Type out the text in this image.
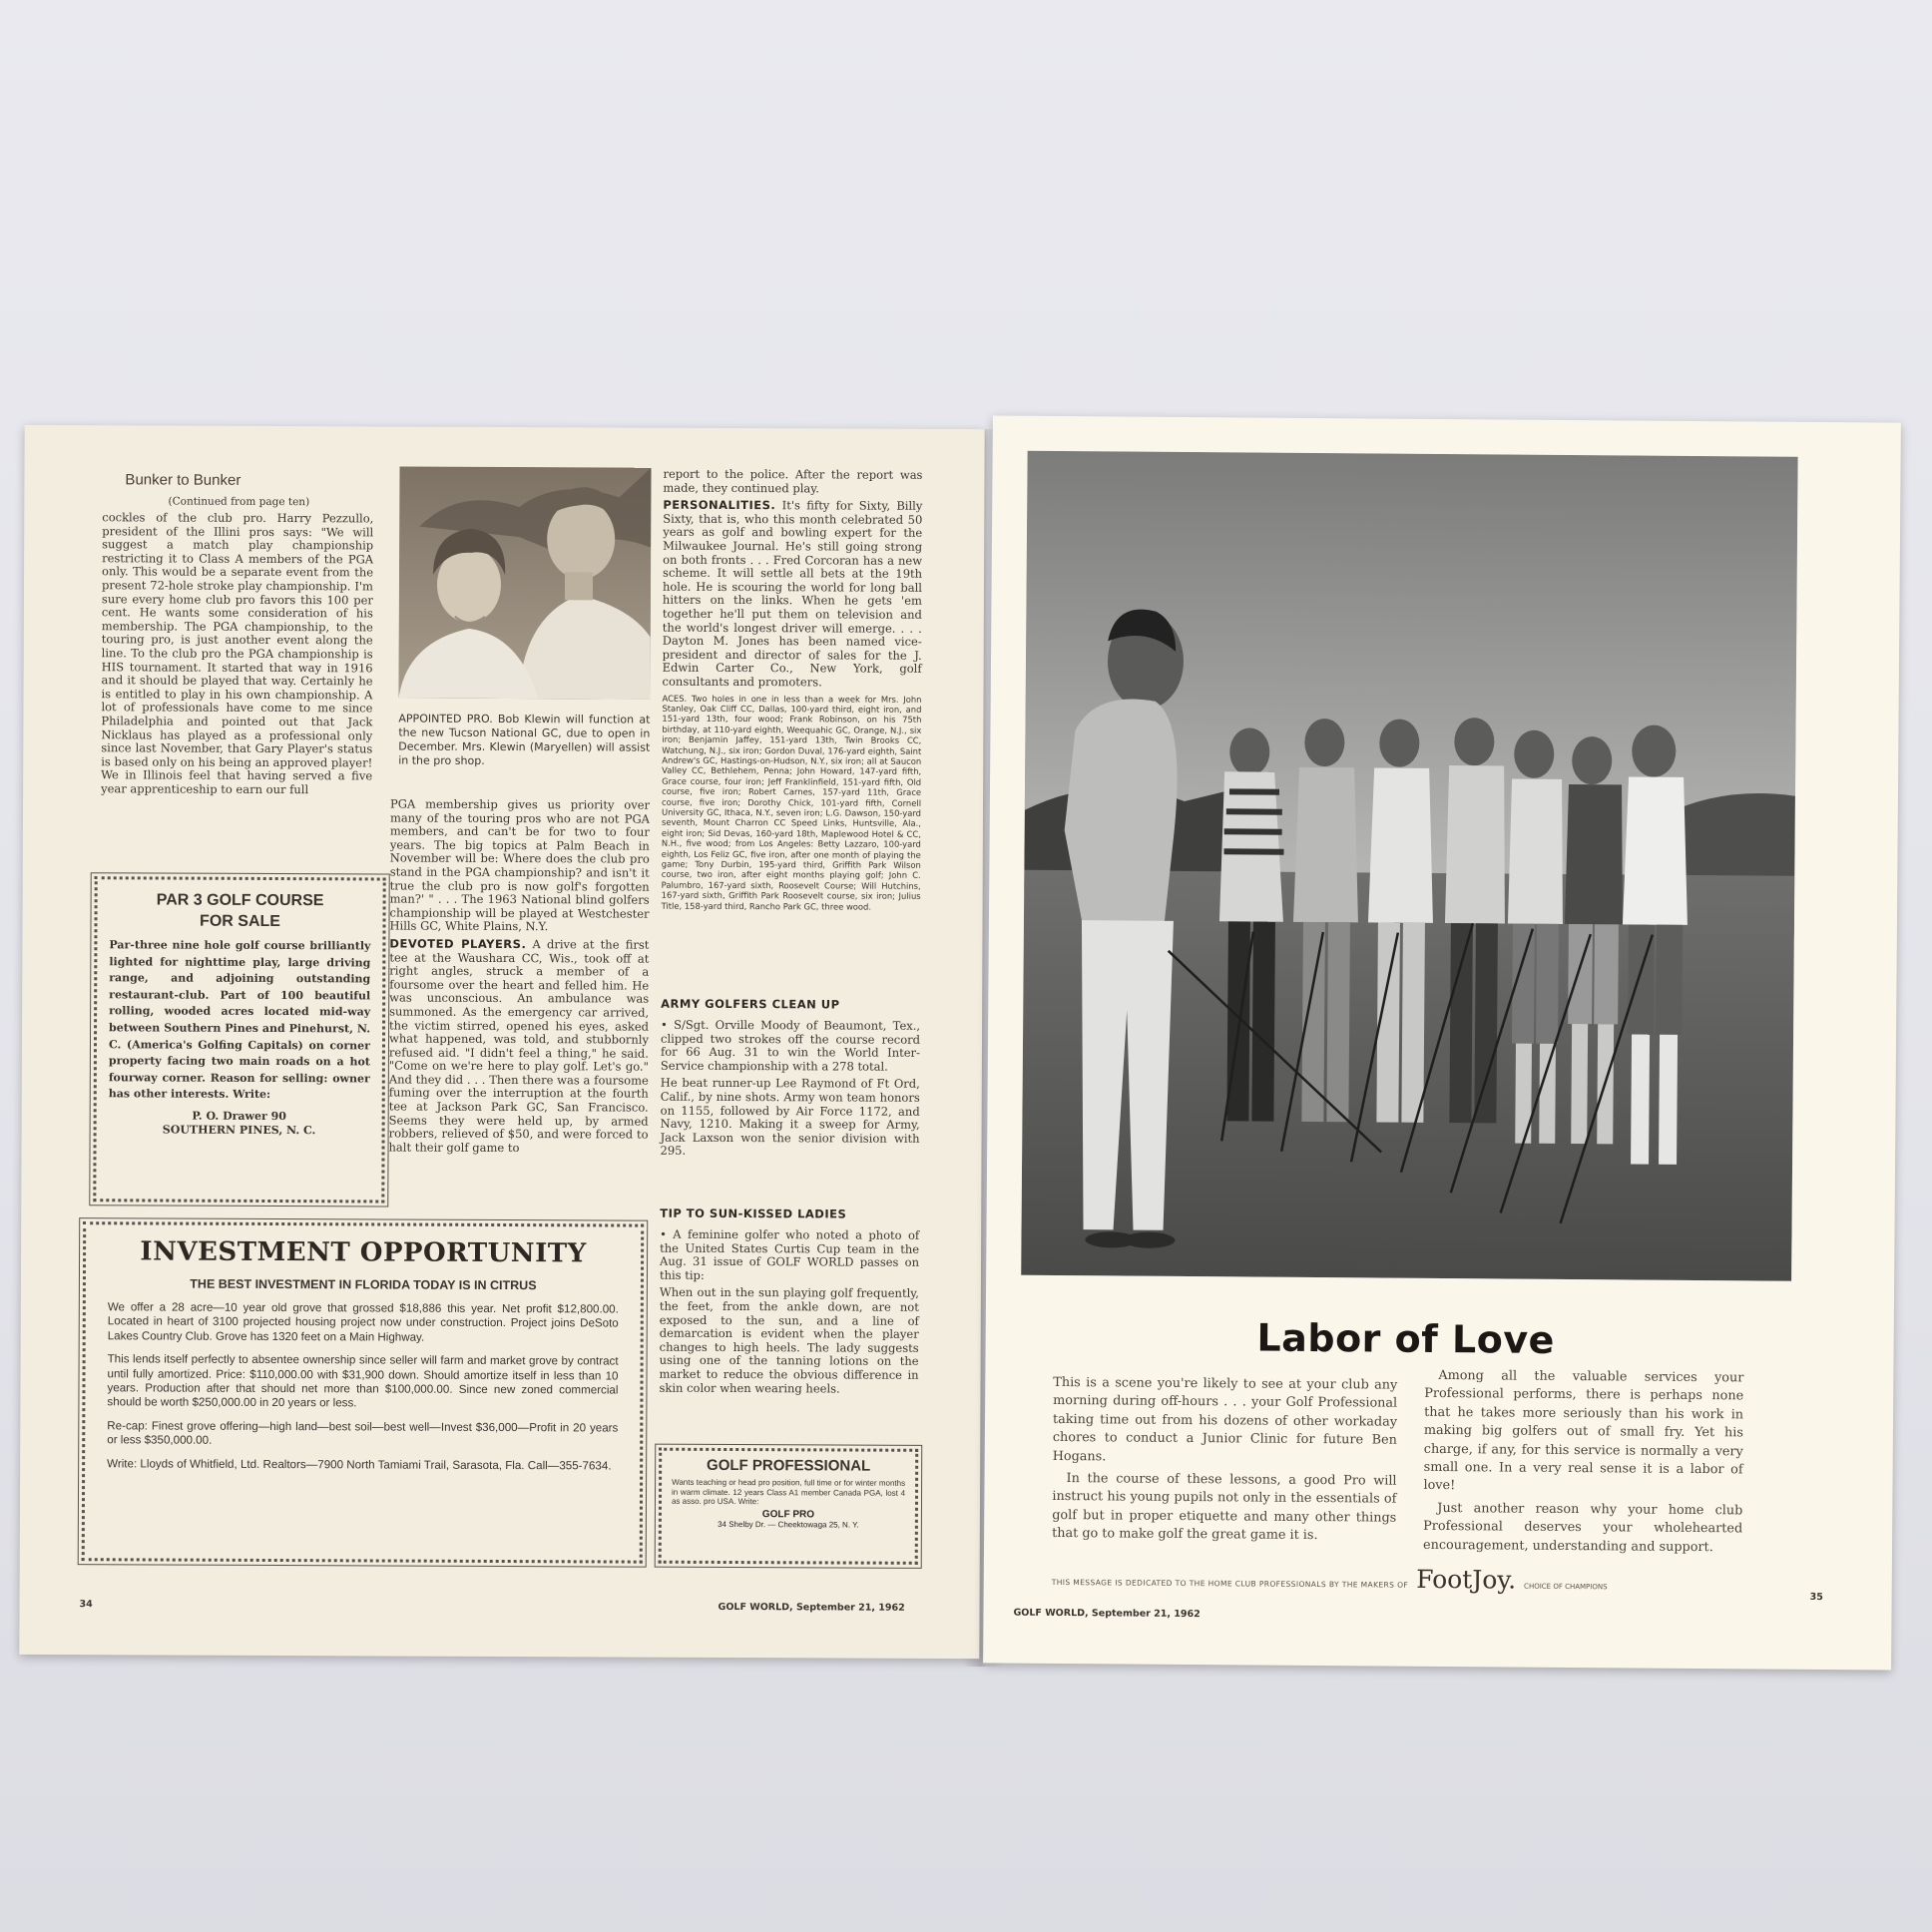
Bunker to Bunker
(Continued from page ten)

cockles of the club pro. Harry Pezzullo, president of the Illini pros says: "We will suggest a match play championship restricting it to Class A members of the PGA only. This would be a separate event from the present 72-hole stroke play championship. I'm sure every home club pro favors this 100 per cent. He wants some consideration of his membership. The PGA championship, to the touring pro, is just another event along the line. To the club pro the PGA championship is HIS tournament. It started that way in 1916 and it should be played that way. Certainly he is entitled to play in his own championship. A lot of professionals have come to me since Philadelphia and pointed out that Jack Nicklaus has played as a professional only since last November, that Gary Player's status is based only on his being an approved player! We in Illinois feel that having served a five year apprenticeship to earn our full

PAR 3 GOLF COURSE
FOR SALE
Par-three nine hole golf course brilliantly lighted for nighttime play, large driving range, and adjoining outstanding restaurant-club. Part of 100 beautiful rolling, wooded acres located mid-way between Southern Pines and Pinehurst, N. C. (America's Golfing Capitals) on corner property facing two main roads on a hot fourway corner. Reason for selling: owner has other interests. Write:
P. O. Drawer 90
SOUTHERN PINES, N. C.
INVESTMENT OPPORTUNITY
THE BEST INVESTMENT IN FLORIDA TODAY IS IN CITRUS

We offer a 28 acre—10 year old grove that grossed $18,886 this year. Net profit $12,800.00. Located in heart of 3100 projected housing project now under construction. Project joins DeSoto Lakes Country Club. Grove has 1320 feet on a Main Highway.

This lends itself perfectly to absentee ownership since seller will farm and market grove by contract until fully amortized. Price: $110,000.00 with $31,900 down. Should amortize itself in less than 10 years. Production after that should net more than $100,000.00. Since new zoned commercial should be worth $250,000.00 in 20 years or less.

Re-cap: Finest grove offering—high land—best soil—best well—Invest $36,000—Profit in 20 years or less $350,000.00.

Write: Lloyds of Whitfield, Ltd. Realtors—7900 North Tamiami Trail, Sarasota, Fla. Call—355-7634.

APPOINTED PRO. Bob Klewin will function at the new Tucson National GC, due to open in December. Mrs. Klewin (Maryellen) will assist in the pro shop.

PGA membership gives us priority over many of the touring pros who are not PGA members, and can't be for two to four years. The big topics at Palm Beach in November will be: Where does the club pro stand in the PGA championship? and isn't it true the club pro is now golf's forgotten man?' " . . . The 1963 National blind golfers championship will be played at Westchester Hills GC, White Plains, N.Y.

DEVOTED PLAYERS. A drive at the first tee at the Waushara CC, Wis., took off at right angles, struck a member of a foursome over the heart and felled him. He was unconscious. An ambulance was summoned. As the emergency car arrived, the victim stirred, opened his eyes, asked what happened, was told, and stubbornly refused aid. "I didn't feel a thing," he said. "Come on we're here to play golf. Let's go." And they did . . . Then there was a foursome fuming over the interruption at the fourth tee at Jackson Park GC, San Francisco. Seems they were held up, by armed robbers, relieved of $50, and were forced to halt their golf game to

report to the police. After the report was made, they continued play.

PERSONALITIES. It's fifty for Sixty, Billy Sixty, that is, who this month celebrated 50 years as golf and bowling expert for the Milwaukee Journal. He's still going strong on both fronts . . . Fred Corcoran has a new scheme. It will settle all bets at the 19th hole. He is scouring the world for long ball hitters on the links. When he gets 'em together he'll put them on television and the world's longest driver will emerge. . . . Dayton M. Jones has been named vice-president and director of sales for the J. Edwin Carter Co., New York, golf consultants and promoters.

ACES. Two holes in one in less than a week for Mrs. John Stanley, Oak Cliff CC, Dallas, 100-yard third, eight iron, and 151-yard 13th, four wood; Frank Robinson, on his 75th birthday, at 110-yard eighth, Weequahic GC, Orange, N.J., six iron; Benjamin Jaffey, 151-yard 13th, Twin Brooks CC, Watchung, N.J., six iron; Gordon Duval, 176-yard eighth, Saint Andrew's GC, Hastings-on-Hudson, N.Y., six iron; all at Saucon Valley CC, Bethlehem, Penna; John Howard, 147-yard fifth, Grace course, four iron; Jeff Franklinfield, 151-yard fifth, Old course, five iron; Robert Carnes, 157-yard 11th, Grace course, five iron; Dorothy Chick, 101-yard fifth, Cornell University GC, Ithaca, N.Y., seven iron; L.G. Dawson, 150-yard seventh, Mount Charron CC Speed Links, Huntsville, Ala., eight iron; Sid Devas, 160-yard 18th, Maplewood Hotel & CC, N.H., five wood; from Los Angeles: Betty Lazzaro, 100-yard eighth, Los Feliz GC, five iron, after one month of playing the game; Tony Durbin, 195-yard third, Griffith Park Wilson course, two iron, after eight months playing golf; John C. Palumbro, 167-yard sixth, Roosevelt Course; Will Hutchins, 167-yard sixth, Griffith Park Roosevelt course, six iron; Julius Title, 158-yard third, Rancho Park GC, three wood.

ARMY GOLFERS CLEAN UP

• S/Sgt. Orville Moody of Beaumont, Tex., clipped two strokes off the course record for 66 Aug. 31 to win the World Inter-Service championship with a 278 total.

He beat runner-up Lee Raymond of Ft Ord, Calif., by nine shots. Army won team honors on 1155, followed by Air Force 1172, and Navy, 1210. Making it a sweep for Army, Jack Laxson won the senior division with 295.

TIP TO SUN-KISSED LADIES

• A feminine golfer who noted a photo of the United States Curtis Cup team in the Aug. 31 issue of GOLF WORLD passes on this tip:

When out in the sun playing golf frequently, the feet, from the ankle down, are not exposed to the sun, and a line of demarcation is evident when the player changes to high heels. The lady suggests using one of the tanning lotions on the market to reduce the obvious difference in skin color when wearing heels.

GOLF PROFESSIONAL
Wants teaching or head pro position, full time or for winter months in warm climate. 12 years Class A1 member Canada PGA, lost 4 as asso. pro USA. Write:
GOLF PRO
34 Shelby Dr. — Cheektowaga 25, N. Y.
34	GOLF WORLD, September 21, 1962
Labor of Love

This is a scene you're likely to see at your club any morning during off-hours . . . your Golf Professional taking time out from his dozens of other workaday chores to conduct a Junior Clinic for future Ben Hogans.

In the course of these lessons, a good Pro will instruct his young pupils not only in the essentials of golf but in proper etiquette and many other things that go to make golf the great game it is.

Among all the valuable services your Professional performs, there is perhaps none that he takes more seriously than his work in making big golfers out of small fry. Yet his charge, if any, for this service is normally a very small one. In a very real sense it is a labor of love!

Just another reason why your home club Professional deserves your wholehearted encouragement, understanding and support.

THIS MESSAGE IS DEDICATED TO THE HOME CLUB PROFESSIONALS BY THE MAKERS OF FootJoy. CHOICE OF CHAMPIONS
GOLF WORLD, September 21, 1962
35
